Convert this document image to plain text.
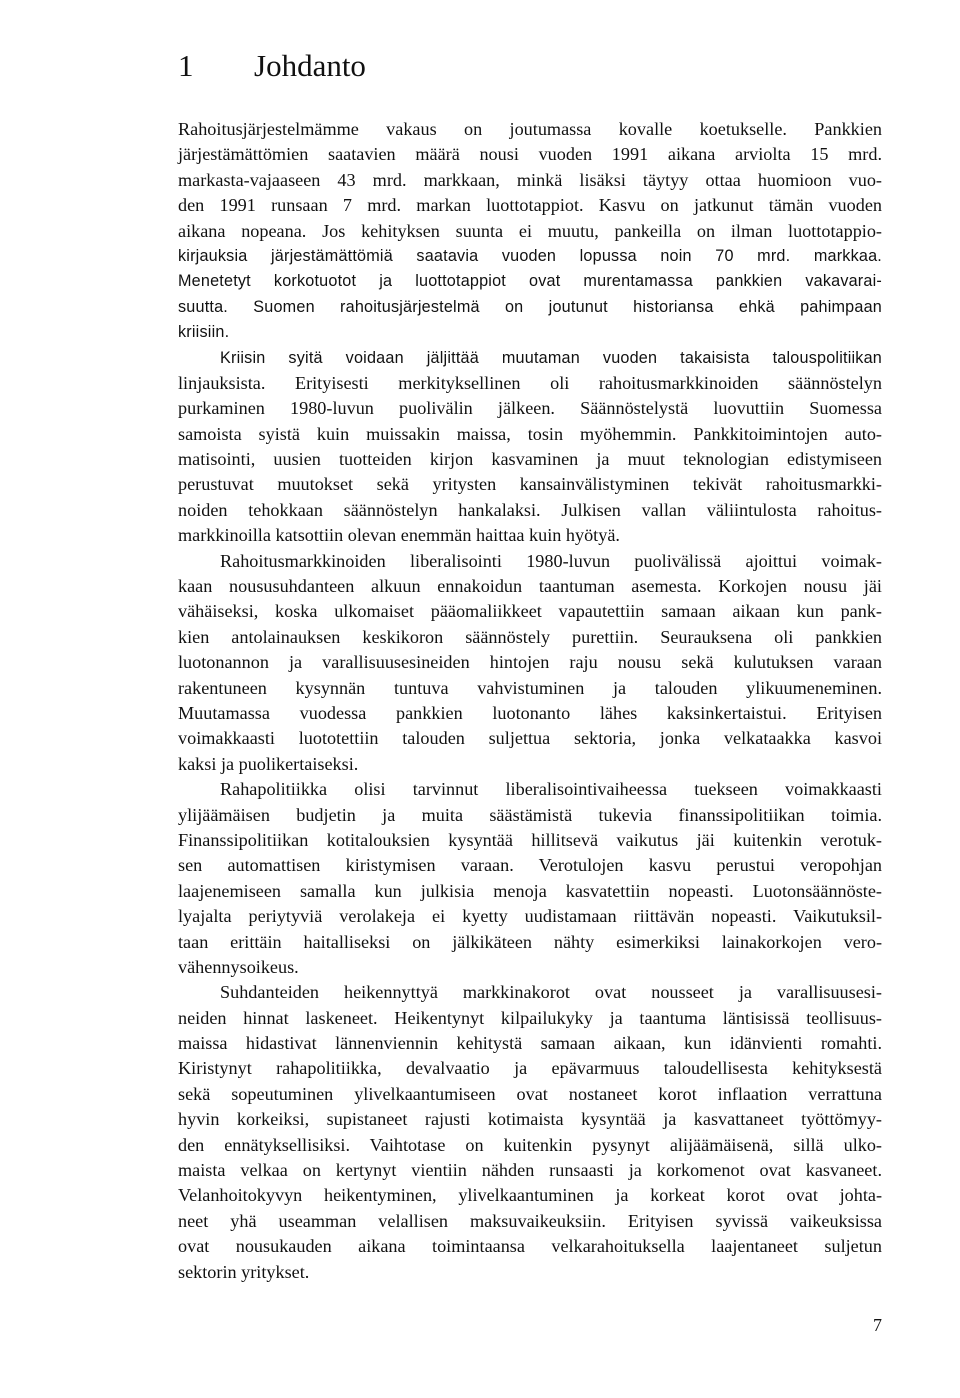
1 Johdanto
Rahoitusjärjestelmämme vakaus on joutumassa kovalle koetukselle. Pankkien
järjestämättömien saatavien määrä nousi vuoden 1991 aikana arviolta 15 mrd.
markasta-vajaaseen 43 mrd. markkaan, minkä lisäksi täytyy ottaa huomioon vuo-
den 1991 runsaan 7 mrd. markan luottotappiot. Kasvu on jatkunut tämän vuoden
aikana nopeana. Jos kehityksen suunta ei muutu, pankeilla on ilman luottotappio-
kirjauksia järjestämättömiä saatavia vuoden lopussa noin 70 mrd. markkaa.
Menetetyt korkotuotot ja luottotappiot ovat murentamassa pankkien vakavarai-
suutta. Suomen rahoitusjärjestelmä on joutunut historiansa ehkä pahimpaan
kriisiin.
Kriisin syitä voidaan jäljittää muutaman vuoden takaisista talouspolitiikan
linjauksista. Erityisesti merkityksellinen oli rahoitusmarkkinoiden säännöstelyn
purkaminen 1980-luvun puolivälin jälkeen. Säännöstelystä luovuttiin Suomessa
samoista syistä kuin muissakin maissa, tosin myöhemmin. Pankkitoimintojen auto-
matisointi, uusien tuotteiden kirjon kasvaminen ja muut teknologian edistymiseen
perustuvat muutokset sekä yritysten kansainvälistyminen tekivät rahoitusmarkki-
noiden tehokkaan säännöstelyn hankalaksi. Julkisen vallan väliintulosta rahoitus-
markkinoilla katsottiin olevan enemmän haittaa kuin hyötyä.
Rahoitusmarkkinoiden liberalisointi 1980-luvun puolivälissä ajoittui voimak-
kaan noususuhdanteen alkuun ennakoidun taantuman asemesta. Korkojen nousu jäi
vähäiseksi, koska ulkomaiset pääomaliikkeet vapautettiin samaan aikaan kun pank-
kien antolainauksen keskikoron säännöstely purettiin. Seurauksena oli pankkien
luotonannon ja varallisuusesineiden hintojen raju nousu sekä kulutuksen varaan
rakentuneen kysynnän tuntuva vahvistuminen ja talouden ylikuumeneminen.
Muutamassa vuodessa pankkien luotonanto lähes kaksinkertaistui. Erityisen
voimakkaasti luototettiin talouden suljettua sektoria, jonka velkataakka kasvoi
kaksi ja puolikertaiseksi.
Rahapolitiikka olisi tarvinnut liberalisointivaiheessa tuekseen voimakkaasti
ylijäämäisen budjetin ja muita säästämistä tukevia finanssipolitiikan toimia.
Finanssipolitiikan kotitalouksien kysyntää hillitsevä vaikutus jäi kuitenkin verotuk-
sen automattisen kiristymisen varaan. Verotulojen kasvu perustui veropohjan
laajenemiseen samalla kun julkisia menoja kasvatettiin nopeasti. Luotonsäännöste-
lyajalta periytyviä verolakeja ei kyetty uudistamaan riittävän nopeasti. Vaikutuksil-
taan erittäin haitalliseksi on jälkikäteen nähty esimerkiksi lainakorkojen vero-
vähennysoikeus.
Suhdanteiden heikennyttyä markkinakorot ovat nousseet ja varallisuusesi-
neiden hinnat laskeneet. Heikentynyt kilpailukyky ja taantuma läntisissä teollisuus-
maissa hidastivat lännenviennin kehitystä samaan aikaan, kun idänvienti romahti.
Kiristynyt rahapolitiikka, devalvaatio ja epävarmuus taloudellisesta kehityksestä
sekä sopeutuminen ylivelkaantumiseen ovat nostaneet korot inflaation verrattuna
hyvin korkeiksi, supistaneet rajusti kotimaista kysyntää ja kasvattaneet työttömyy-
den ennätyksellisiksi. Vaihtotase on kuitenkin pysynyt alijäämäisenä, sillä ulko-
maista velkaa on kertynyt vientiin nähden runsaasti ja korkomenot ovat kasvaneet.
Velanhoitokyvyn heikentyminen, ylivelkaantuminen ja korkeat korot ovat johta-
neet yhä useamman velallisen maksuvaikeuksiin. Erityisen syvissä vaikeuksissa
ovat nousukauden aikana toimintaansa velkarahoituksella laajentaneet suljetun
sektorin yritykset.
7
